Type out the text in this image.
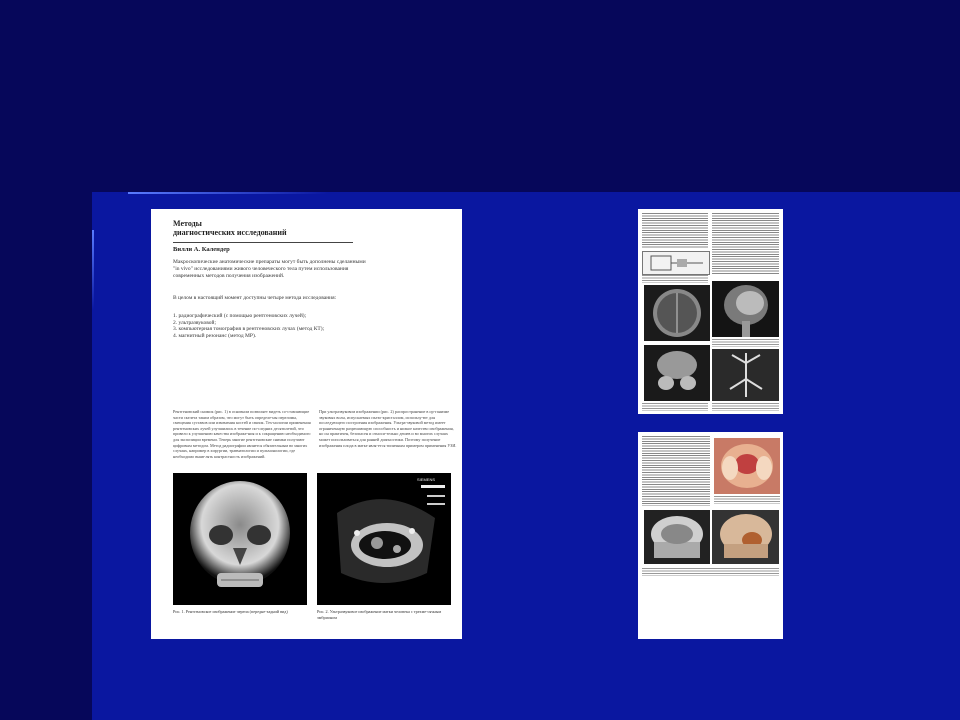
Методы
диагностических исследований
Вилли А. Календер

Макроскопические анатомические препараты могут быть дополнены сделанными "in vivo" исследованиями живого человеческого тела путем использования современных методов получения изображений.

В целом в настоящий момент доступны четыре метода исследования:

1. радиографический (с помощью рентгеновских лучей);
2. ультразвуковой;
3. компьютерная томография в рентгеновских лучах (метод КТ);
4. магнитный резонанс (метод МР).

Рентгеновский снимок (рис. 1) в основном позволяет видеть со-ставляющие части скелета таким образом, что могут быть определе-ны переломы, смещения суставов или изменения костей и связок. Тех-нологии применения рентгеновских лучей улучшились в течение по-следних десятилетий, что привело к улучшению качества изображе-ния и к сокращению необходимого для экспозиции времени. Теперь многие рентгеновские снимки получают цифровым методом. Метод радиографии является обязательным во многих случаях, например в хирургии, травматологии и пульмонологии, где необходимо выяв-лять контрастность изображений.

При ультразвуковом изображении (рис. 2) распространение в ор-ганизме звуковых волн, испускаемых пьезо-кристаллом, использу-ют для последующего построения изображения. Ультра-звуковой метод имеет ограниченную разрешающую способность и низкое качество изображения, но он практичен, безопасен и относи-тельно дешев и во многих случаях может использоваться для ранней диагностики. Поэтому получение изображения плода в матке явля-ется типичным примером применения УЗИ.

Рис. 1. Рентгеновское изображение черепа (передне-задний вид)
SIEMENS
Рис. 2. Ультразвуковое изображение матки человека с трехме-сячным эмбрионом
